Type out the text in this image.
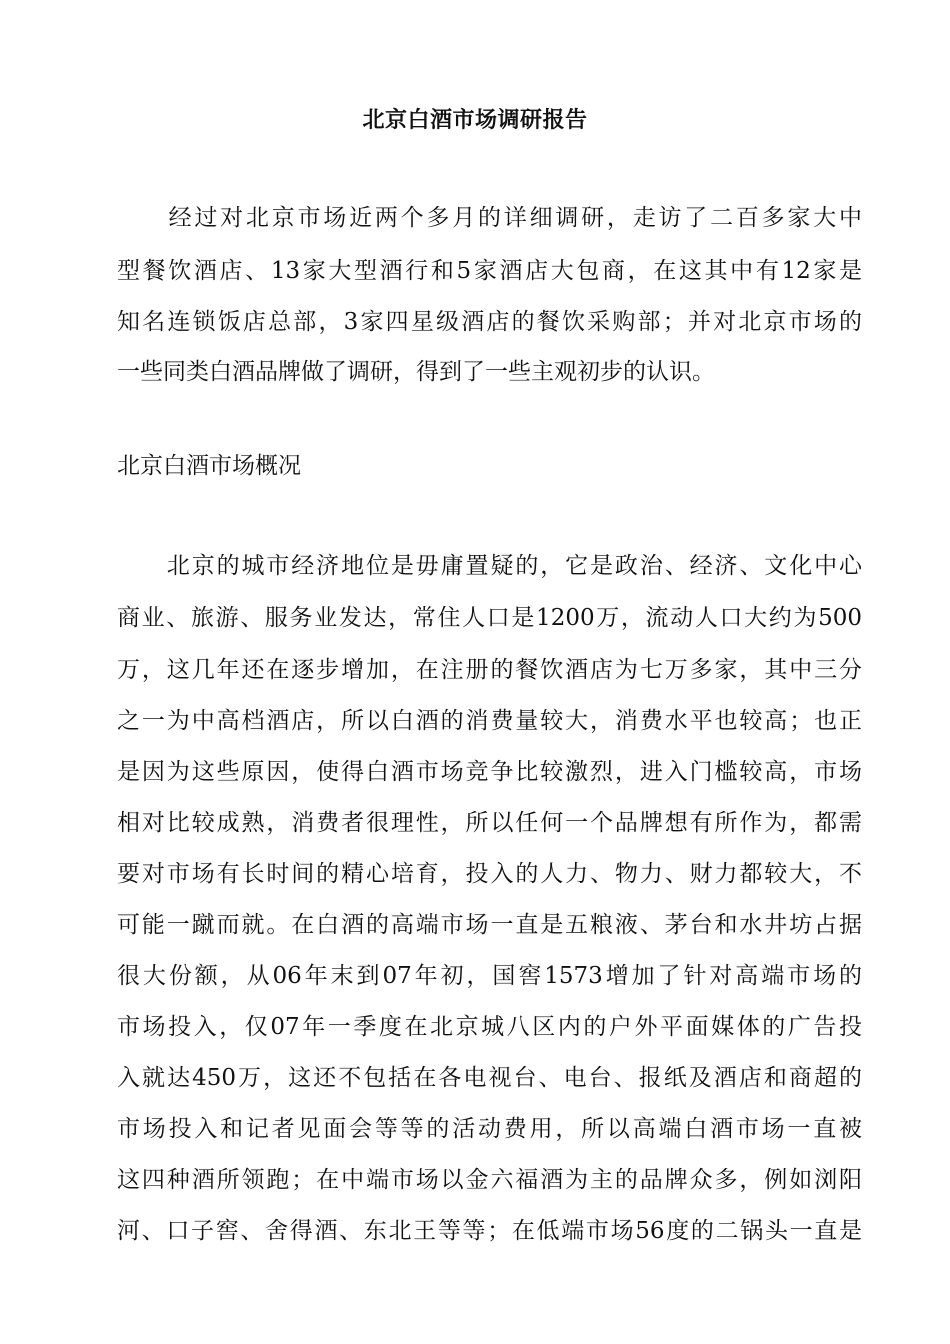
北京白酒市场调研报告
　　经过对北京市场近两个多月的详细调研，走访了二百多家大中
型餐饮酒店、13家大型酒行和5家酒店大包商，在这其中有12家是
知名连锁饭店总部，3家四星级酒店的餐饮采购部；并对北京市场的
一些同类白酒品牌做了调研，得到了一些主观初步的认识。
北京白酒市场概况
　　北京的城市经济地位是毋庸置疑的，它是政治、经济、文化中心
商业、旅游、服务业发达，常住人口是1200万，流动人口大约为500
万，这几年还在逐步增加，在注册的餐饮酒店为七万多家，其中三分
之一为中高档酒店，所以白酒的消费量较大，消费水平也较高；也正
是因为这些原因，使得白酒市场竞争比较激烈，进入门槛较高，市场
相对比较成熟，消费者很理性，所以任何一个品牌想有所作为，都需
要对市场有长时间的精心培育，投入的人力、物力、财力都较大，不
可能一蹴而就。在白酒的高端市场一直是五粮液、茅台和水井坊占据
很大份额，从06年末到07年初，国窖1573增加了针对高端市场的
市场投入，仅07年一季度在北京城八区内的户外平面媒体的广告投
入就达450万，这还不包括在各电视台、电台、报纸及酒店和商超的
市场投入和记者见面会等等的活动费用，所以高端白酒市场一直被
这四种酒所领跑；在中端市场以金六福酒为主的品牌众多，例如浏阳
河、口子窖、舍得酒、东北王等等；在低端市场56度的二锅头一直是
